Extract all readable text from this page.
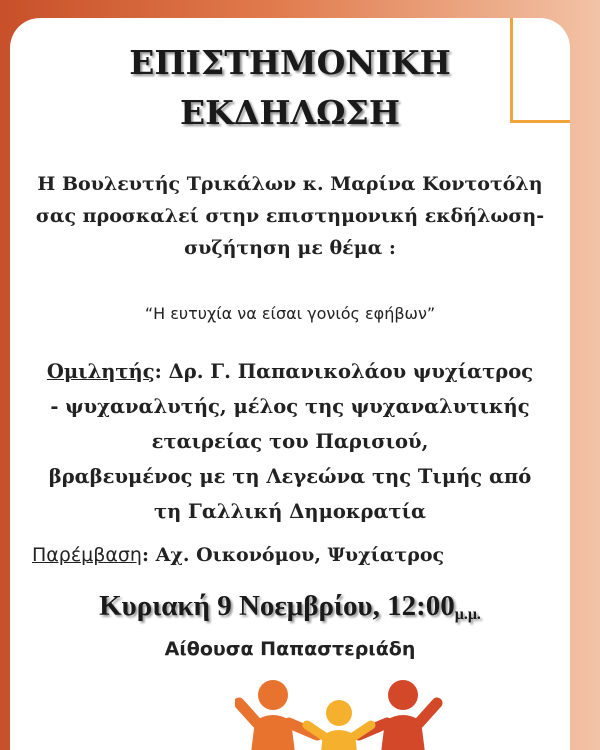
ΕΠΙΣΤΗΜΟΝΙΚΗ
ΕΚΔΗΛΩΣΗ
Η Βουλευτής Τρικάλων κ. Μαρίνα Κοντοτόλη
σας προσκαλεί στην επιστημονική εκδήλωση-
συζήτηση με θέμα :
“Η ευτυχία να είσαι γονιός εφήβων”
Ομιλητής: Δρ. Γ. Παπανικολάου ψυχίατρος
- ψυχαναλυτής, μέλος της ψυχαναλυτικής
εταιρείας του Παρισιού,
βραβευμένος με τη Λεγεώνα της Τιμής από
τη Γαλλική Δημοκρατία
Παρέμβαση: Αχ. Οικονόμου, Ψυχίατρος
Κυριακή 9 Νοεμβρίου, $12:00_{\mu.\mu.}$
Αίθουσα Παπαστεριάδη
